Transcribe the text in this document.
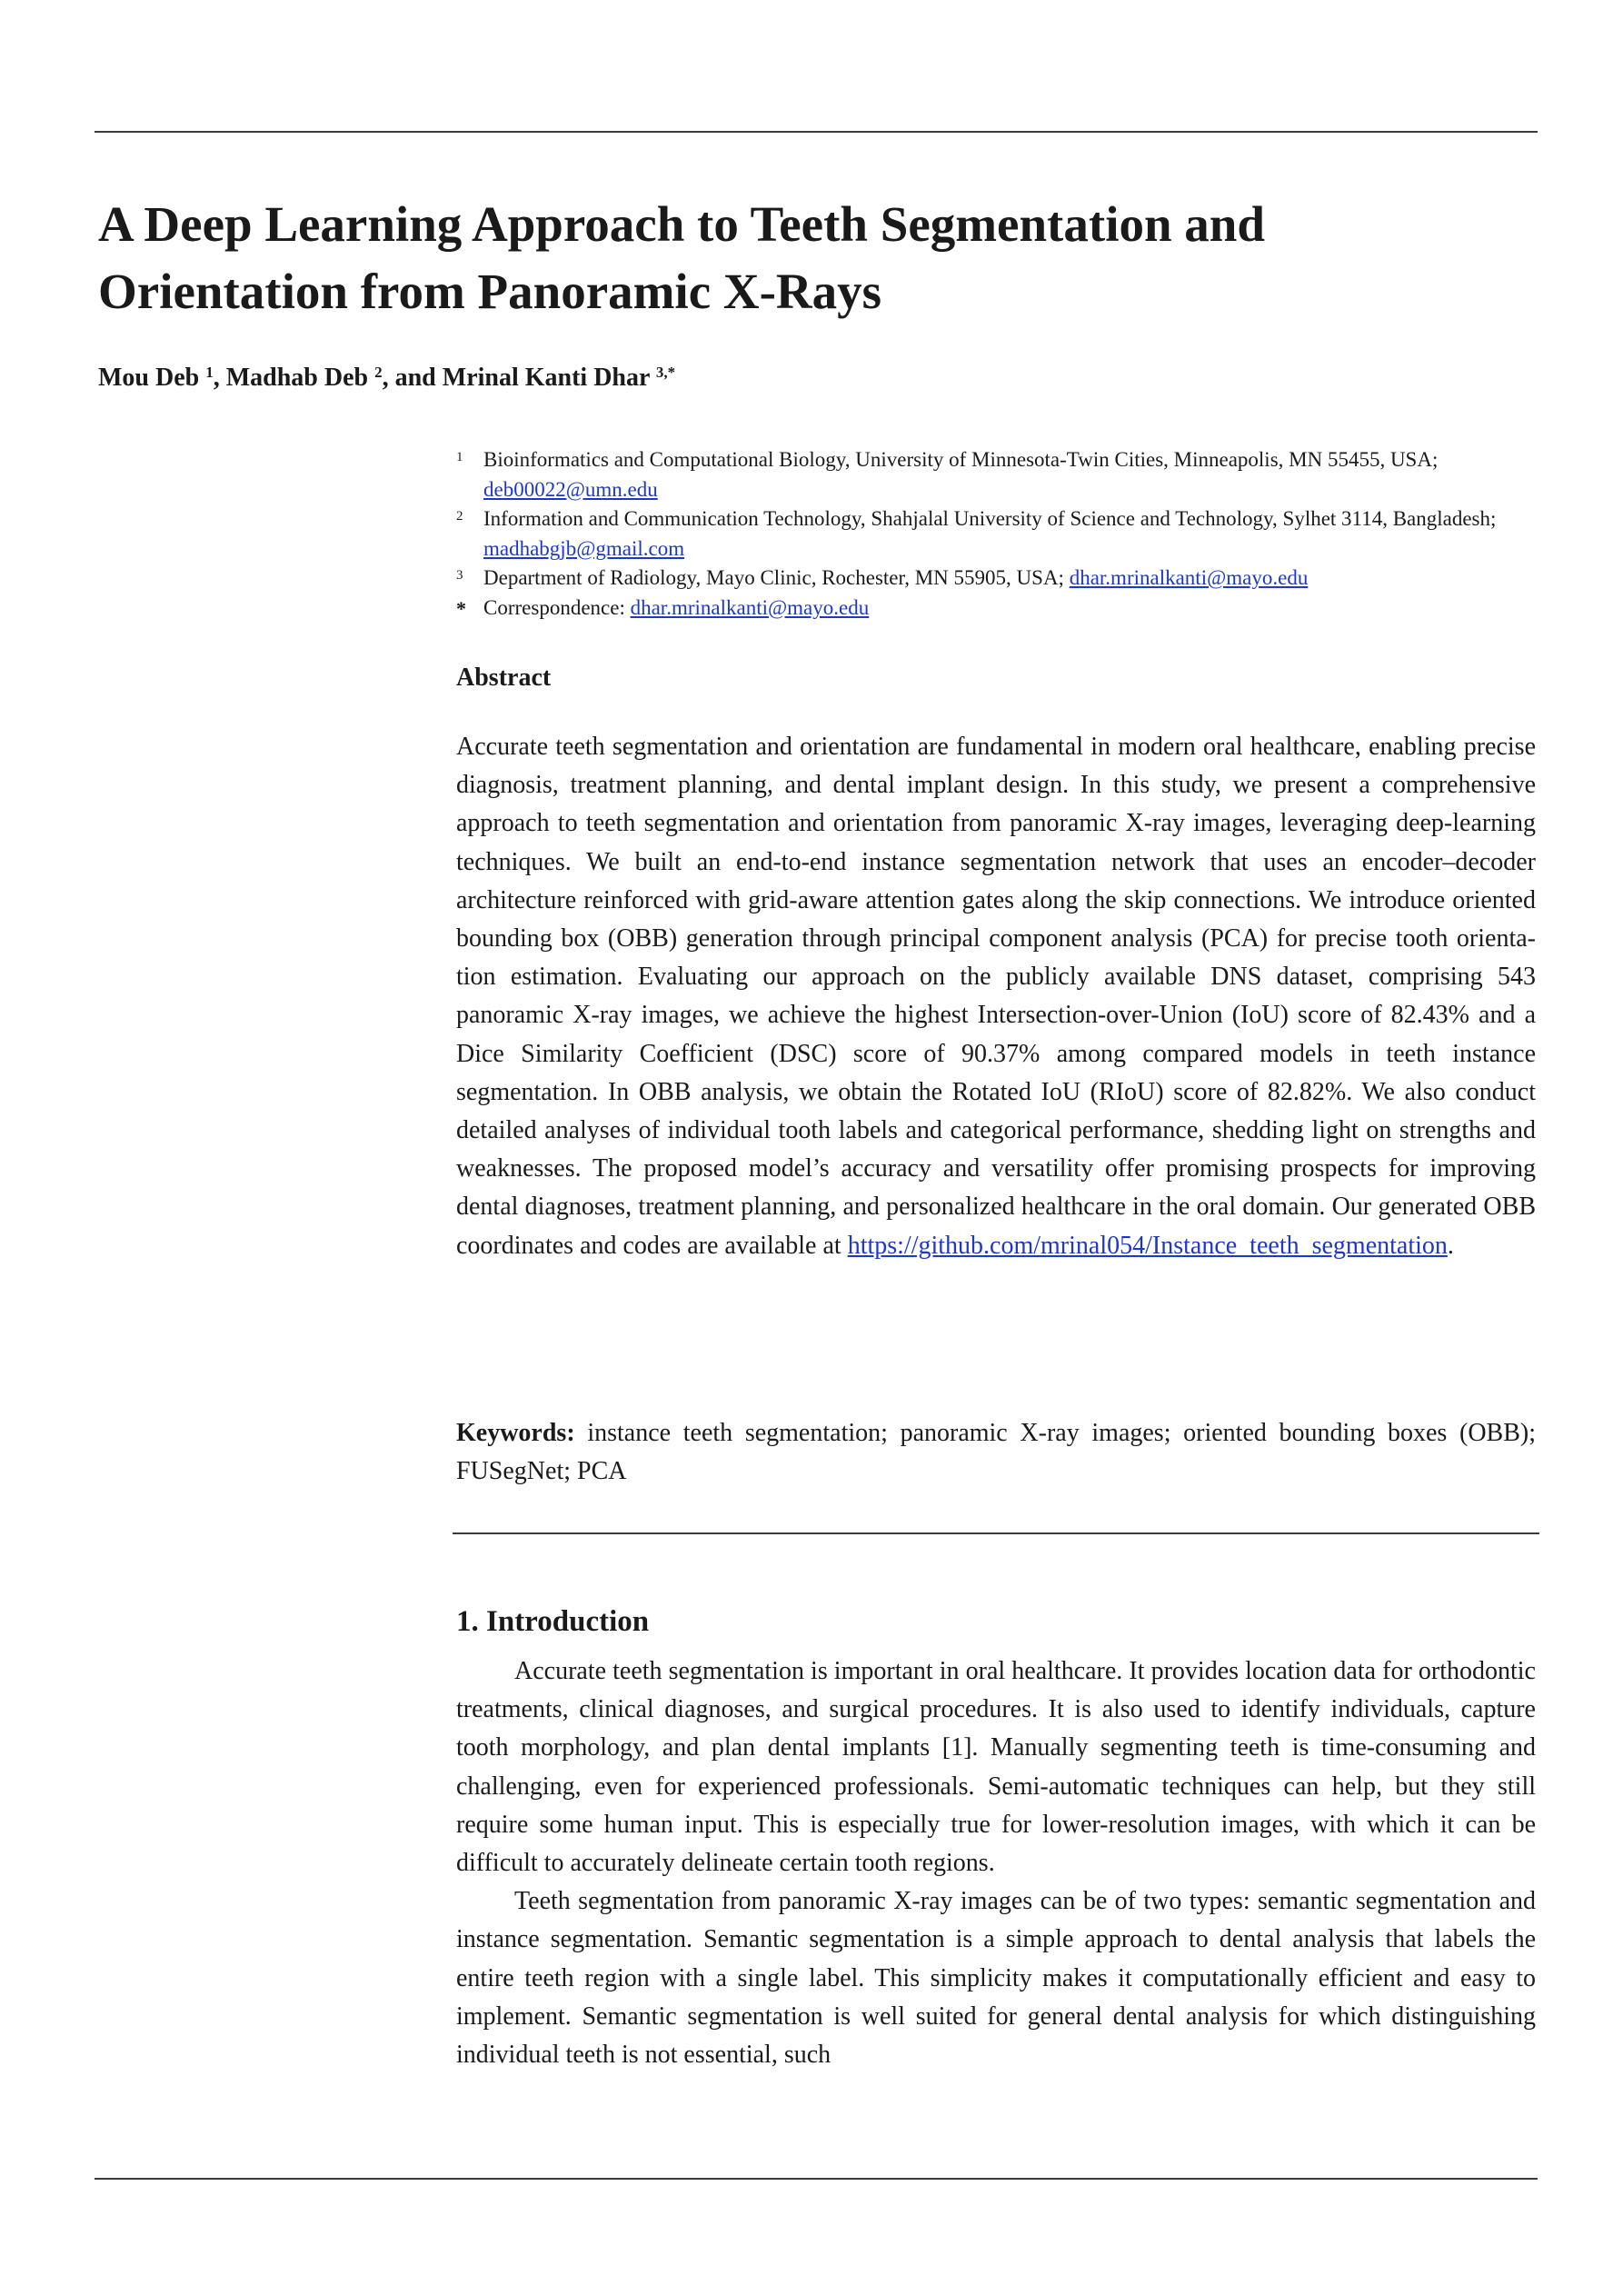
A Deep Learning Approach to Teeth Segmentation and Orientation from Panoramic X-Rays
Mou Deb $^1$, Madhab Deb $^2$, and Mrinal Kanti Dhar $^{3,*}$
1 Bioinformatics and Computational Biology, University of Minnesota-Twin Cities, Minneapolis, MN 55455, USA; deb00022@umn.edu
2 Information and Communication Technology, Shahjalal University of Science and Technology, Sylhet 3114, Bangladesh; madhabgjb@gmail.com
3 Department of Radiology, Mayo Clinic, Rochester, MN 55905, USA; dhar.mrinalkanti@mayo.edu
* Correspondence: dhar.mrinalkanti@mayo.edu
Abstract

Accurate teeth segmentation and orientation are fundamental in modern oral healthcare, enabling precise diagnosis, treatment planning, and dental implant design. In this study, we present a comprehensive approach to teeth segmentation and orientation from panoramic X-ray images, leveraging deep-learning techniques. We built an end-to-end instance segmentation network that uses an encoder–decoder architecture reinforced with grid-aware attention gates along the skip connections. We introduce oriented bounding box (OBB) generation through principal component analysis (PCA) for precise tooth orientation estimation. Evaluating our approach on the publicly available DNS dataset, comprising 543 panoramic X-ray images, we achieve the highest Intersection-over-Union (IoU) score of 82.43% and a Dice Similarity Coefficient (DSC) score of 90.37% among compared models in teeth instance segmentation. In OBB analysis, we obtain the Rotated IoU (RIoU) score of 82.82%. We also conduct detailed analyses of individual tooth labels and categorical performance, shedding light on strengths and weaknesses. The proposed model’s accuracy and versatility offer promising prospects for improving dental diagnoses, treatment planning, and personalized healthcare in the oral domain. Our generated OBB coordinates and codes are available at https://github.com/mrinal054/Instance_teeth_segmentation.

Keywords: instance teeth segmentation; panoramic X-ray images; oriented bounding boxes (OBB); FUSegNet; PCA

1. Introduction

Accurate teeth segmentation is important in oral healthcare. It provides location data for orthodontic treatments, clinical diagnoses, and surgical procedures. It is also used to identify individuals, capture tooth morphology, and plan dental implants [1]. Manually segmenting teeth is time-consuming and challenging, even for experienced professionals. Semi-automatic techniques can help, but they still require some human input. This is especially true for lower-resolution images, with which it can be difficult to accurately delineate certain tooth regions.

Teeth segmentation from panoramic X-ray images can be of two types: semantic segmentation and instance segmentation. Semantic segmentation is a simple approach to dental analysis that labels the entire teeth region with a single label. This simplicity makes it computationally efficient and easy to implement. Semantic segmentation is well suited for general dental analysis for which distinguishing individual teeth is not essential, such
